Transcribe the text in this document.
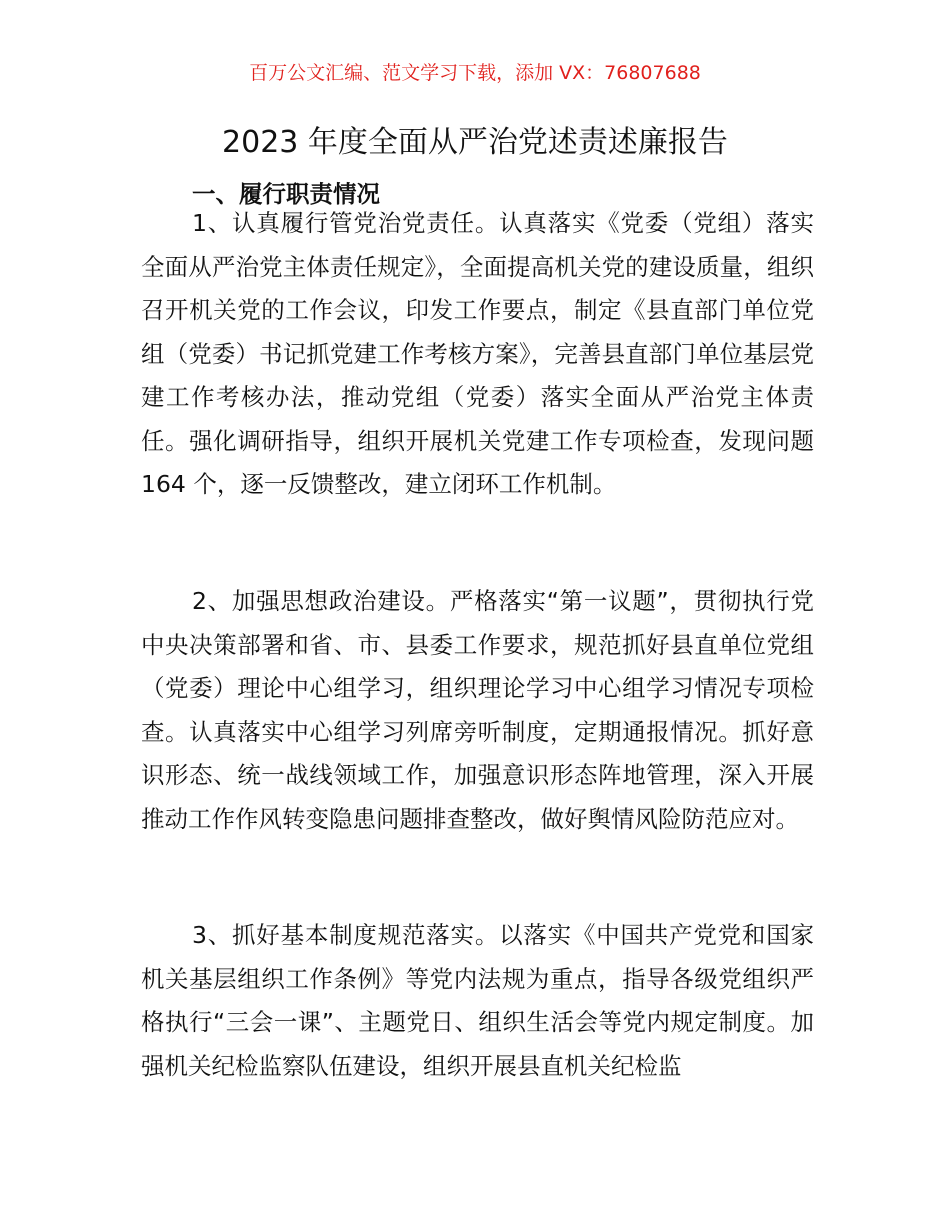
百万公文汇编、范文学习下载，添加 VX：76807688
2023 年度全面从严治党述责述廉报告
一、履行职责情况

1、认真履行管党治党责任。认真落实《党委（党组）落实全面从严治党主体责任规定》，全面提高机关党的建设质量，组织召开机关党的工作会议，印发工作要点，制定《县直部门单位党组（党委）书记抓党建工作考核方案》，完善县直部门单位基层党建工作考核办法，推动党组（党委）落实全面从严治党主体责任。强化调研指导，组织开展机关党建工作专项检查，发现问题 164 个，逐一反馈整改，建立闭环工作机制。

2、加强思想政治建设。严格落实“第一议题”，贯彻执行党中央决策部署和省、市、县委工作要求，规范抓好县直单位党组（党委）理论中心组学习，组织理论学习中心组学习情况专项检查。认真落实中心组学习列席旁听制度，定期通报情况。抓好意识形态、统一战线领域工作，加强意识形态阵地管理，深入开展推动工作作风转变隐患问题排查整改，做好舆情风险防范应对。

3、抓好基本制度规范落实。以落实《中国共产党党和国家机关基层组织工作条例》等党内法规为重点，指导各级党组织严格执行“三会一课”、主题党日、组织生活会等党内规定制度。加强机关纪检监察队伍建设，组织开展县直机关纪检监
